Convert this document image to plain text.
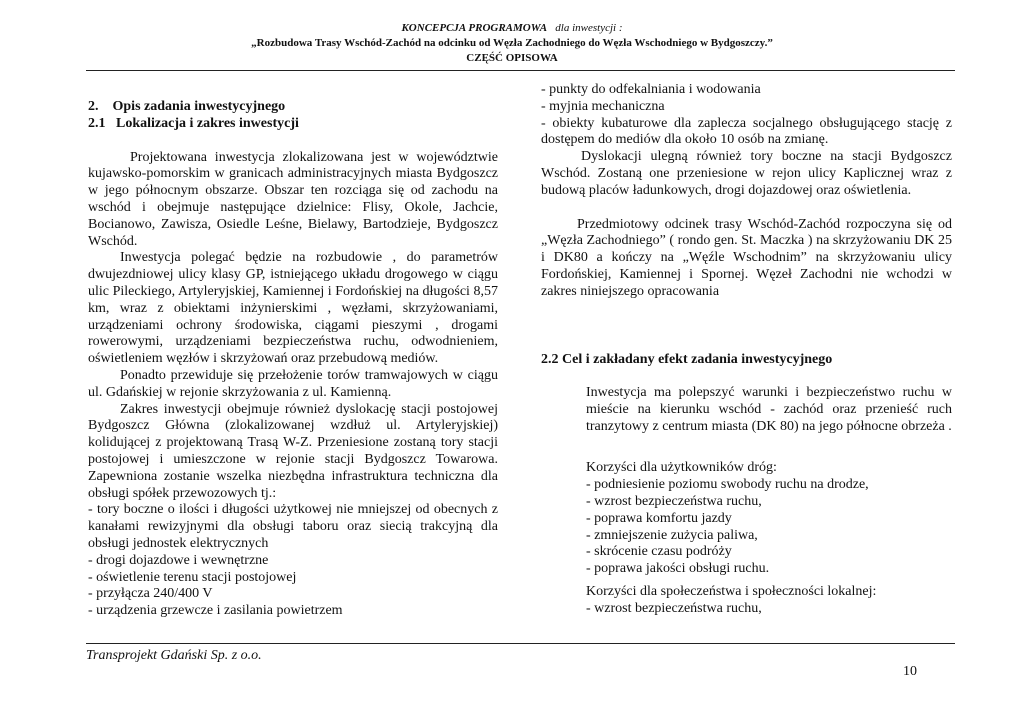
KONCEPCJA PROGRAMOWA dla inwestycji :
„Rozbudowa Trasy Wschód-Zachód na odcinku od Węzła Zachodniego do Węzła Wschodniego w Bydgoszczy.”
CZĘŚĆ OPISOWA

2.    Opis zadania inwestycyjnego

2.1   Lokalizacja i zakres inwestycji

Projektowana inwestycja zlokalizowana jest w województwie kujawsko-pomorskim w granicach administracyjnych miasta Bydgoszcz w jego północnym obszarze. Obszar ten rozciąga się od zachodu na wschód i obejmuje następujące dzielnice: Flisy, Okole, Jachcie, Bocianowo, Zawisza, Osiedle Leśne, Bielawy, Bartodzieje, Bydgoszcz Wschód.

Inwestycja polegać będzie na rozbudowie , do parametrów dwujezdniowej ulicy klasy GP, istniejącego układu drogowego w ciągu ulic Pileckiego, Artyleryjskiej, Kamiennej i Fordońskiej na długości 8,57 km, wraz z obiektami inżynierskimi , węzłami, skrzyżowaniami, urządzeniami ochrony środowiska, ciągami pieszymi , drogami rowerowymi, urządzeniami bezpieczeństwa ruchu, odwodnieniem, oświetleniem węzłów i skrzyżowań oraz przebudową mediów.

Ponadto przewiduje się przełożenie torów tramwajowych w ciągu ul. Gdańskiej w rejonie skrzyżowania z ul. Kamienną.

Zakres inwestycji obejmuje również dyslokację stacji postojowej Bydgoszcz Główna (zlokalizowanej wzdłuż ul. Artyleryjskiej) kolidującej z projektowaną Trasą W-Z. Przeniesione zostaną tory stacji postojowej i umieszczone w rejonie stacji Bydgoszcz Towarowa. Zapewniona zostanie wszelka niezbędna infrastruktura techniczna dla obsługi spółek przewozowych tj.:

- tory boczne o ilości i długości użytkowej nie mniejszej od obecnych z kanałami rewizyjnymi dla obsługi taboru oraz siecią trakcyjną dla obsługi jednostek elektrycznych

- drogi dojazdowe i wewnętrzne

- oświetlenie terenu stacji postojowej

- przyłącza 240/400 V

- urządzenia grzewcze i zasilania powietrzem

- punkty do odfekalniania i wodowania

- myjnia mechaniczna

- obiekty kubaturowe dla zaplecza socjalnego obsługującego stację z dostępem do mediów dla około 10 osób na zmianę.

Dyslokacji ulegną również tory boczne na stacji Bydgoszcz Wschód. Zostaną one przeniesione w rejon ulicy Kaplicznej wraz z budową placów ładunkowych, drogi dojazdowej oraz oświetlenia.

Przedmiotowy odcinek trasy Wschód-Zachód rozpoczyna się od „Węzła Zachodniego” ( rondo gen. St. Maczka ) na skrzyżowaniu DK 25 i DK80 a kończy na „Węźle Wschodnim” na skrzyżowaniu ulicy Fordońskiej, Kamiennej i Spornej. Węzeł Zachodni nie wchodzi w zakres niniejszego opracowania

2.2 Cel i zakładany efekt zadania inwestycyjnego

Inwestycja ma polepszyć warunki i bezpieczeństwo ruchu w mieście na kierunku wschód - zachód oraz przenieść ruch tranzytowy z centrum miasta (DK 80) na jego północne obrzeża .

Korzyści dla użytkowników dróg:

- podniesienie poziomu swobody ruchu na drodze,

- wzrost bezpieczeństwa ruchu,

- poprawa komfortu jazdy

- zmniejszenie zużycia paliwa,

- skrócenie czasu podróży

- poprawa jakości obsługi ruchu.

Korzyści dla społeczeństwa i społeczności lokalnej:

- wzrost bezpieczeństwa ruchu,

Transprojekt Gdański Sp. z o.o.
10
